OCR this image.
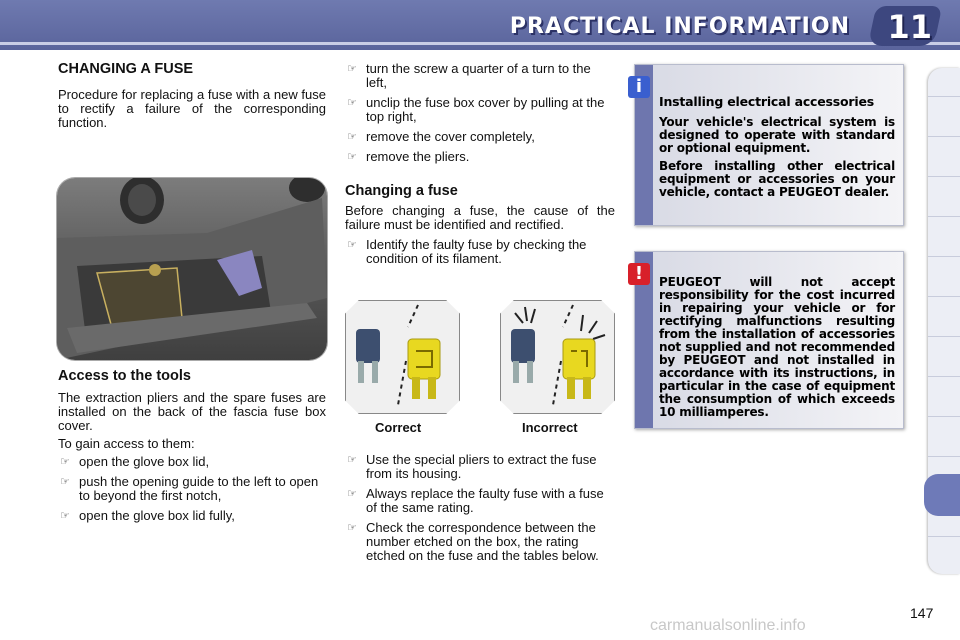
PRACTICAL INFORMATION 11
CHANGING A FUSE

Procedure for replacing a fuse with a new fuse to rectify a failure of the corresponding function.

Access to the tools

The extraction pliers and the spare fuses are installed on the back of the fascia fuse box cover.

To gain access to them:

☞ open the glove box lid,
☞ push the opening guide to the left to open to beyond the first notch,
☞ open the glove box lid fully,
☞ turn the screw a quarter of a turn to the left,
☞ unclip the fuse box cover by pulling at the top right,
☞ remove the cover completely,
☞ remove the pliers.
Changing a fuse

Before changing a fuse, the cause of the failure must be identified and rectified.

☞ Identify the faulty fuse by checking the condition of its filament.
Correct	Incorrect
☞ Use the special pliers to extract the fuse from its housing.
☞ Always replace the faulty fuse with a fuse of the same rating.
☞ Check the correspondence between the number etched on the box, the rating etched on the fuse and the tables below.
Installing electrical accessories
Your vehicle's electrical system is designed to operate with standard or optional equipment.
Before installing other electrical equipment or accessories on your vehicle, contact a PEUGEOT dealer.
i
PEUGEOT will not accept responsibility for the cost incurred in repairing your vehicle or for rectifying malfunctions resulting from the installation of accessories not supplied and not recommended by PEUGEOT and not installed in accordance with its instructions, in particular in the case of equipment the consumption of which exceeds 10 milliamperes.
!
147
carmanualsonline.info
